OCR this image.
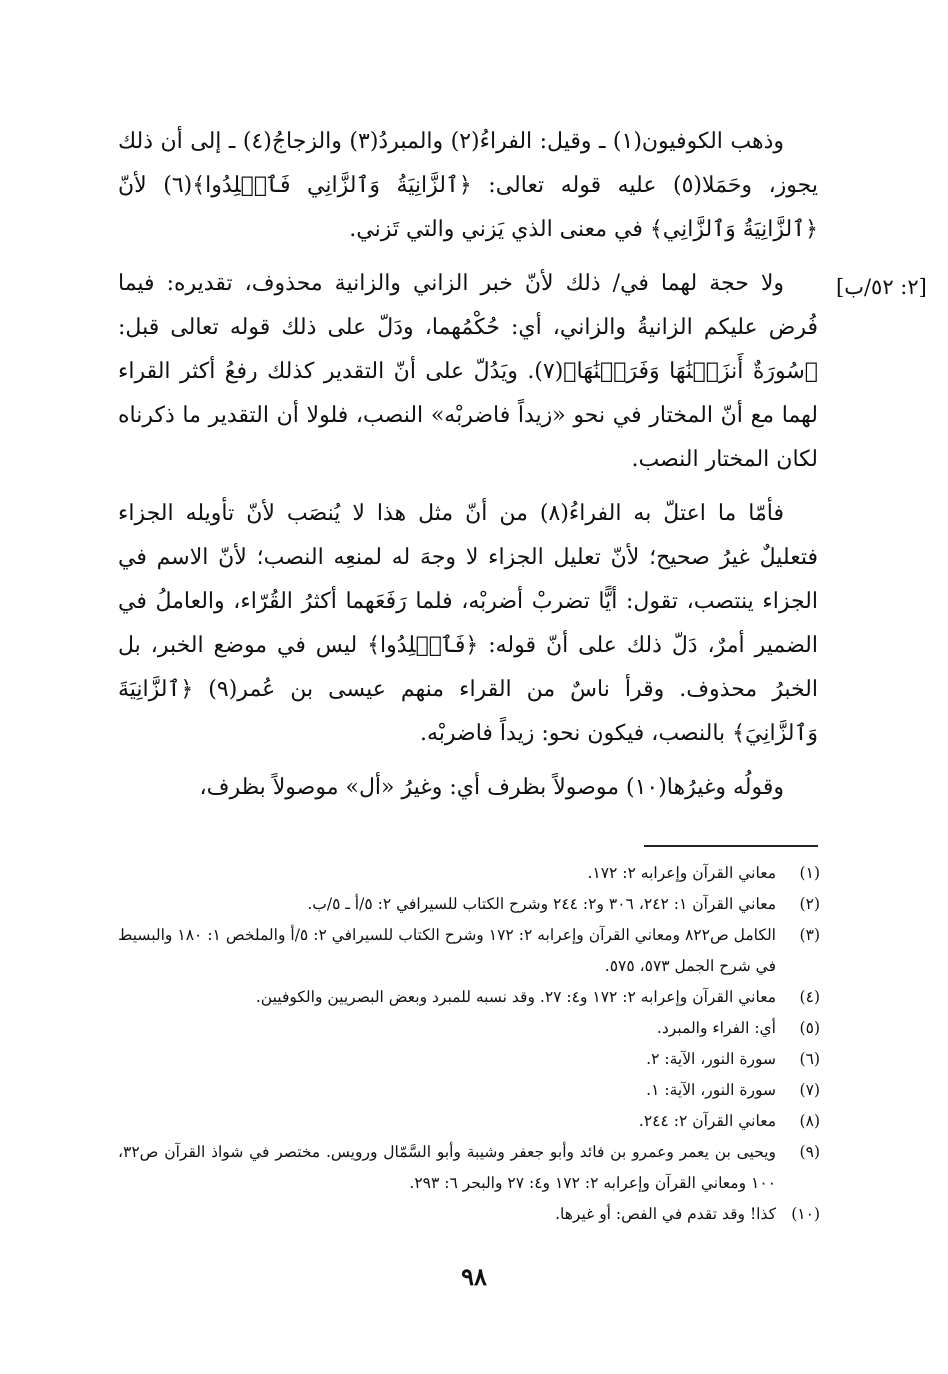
[٢: ٥٢/ب]

وذهب الكوفيون(١) ـ وقيل: الفراءُ(٢) والمبردُ(٣) والزجاجُ(٤) ـ إلى أن ذلك يجوز، وحَمَلا(٥) عليه قوله تعالى: ﴿ٱلزَّانِيَةُ وَٱلزَّانِي فَٱجۡلِدُوا﴾(٦) لأنّ ﴿ٱلزَّانِيَةُ وَٱلزَّانِي﴾ في معنى الذي يَزني والتي تَزني.

ولا حجة لهما في/ ذلك لأنّ خبر الزاني والزانية محذوف، تقديره: فيما فُرض عليكم الزانيةُ والزاني، أي: حُكْمُهما، ودَلّ على ذلك قوله تعالى قبل: ﴿سُورَةٌ أَنزَلۡنَٰهَا وَفَرَضۡنَٰهَا﴾(٧). ويَدُلّ على أنّ التقدير كذلك رفعُ أكثر القراء لهما مع أنّ المختار في نحو «زيداً فاضربْه» النصب، فلولا أن التقدير ما ذكرناه لكان المختار النصب.

فأمّا ما اعتلّ به الفراءُ(٨) من أنّ مثل هذا لا يُنصَب لأنّ تأويله الجزاء فتعليلٌ غيرُ صحيح؛ لأنّ تعليل الجزاء لا وجهَ له لمنعِه النصب؛ لأنّ الاسم في الجزاء ينتصب، تقول: أيًّا تضربْ أضربْه، فلما رَفَعَهما أكثرُ القُرّاء، والعاملُ في الضمير أمرٌ، دَلّ ذلك على أنّ قوله: ﴿فَٱجۡلِدُوا﴾ ليس في موضع الخبر، بل الخبرُ محذوف. وقرأ ناسٌ من القراء منهم عيسى بن عُمر(٩) ﴿ٱلزَّانِيَةَ وَٱلزَّانِيَ﴾ بالنصب، فيكون نحو: زيداً فاضربْه.

وقولُه وغيرُها(١٠) موصولاً بظرف أي: وغيرُ «أل» موصولاً بظرف،

(١)
معاني القرآن وإعرابه ٢: ١٧٢.
(٢)
معاني القرآن ١: ٢٤٢، ٣٠٦ و٢: ٢٤٤ وشرح الكتاب للسيرافي ٢: ٥/أ ـ ٥/ب.
(٣)
الكامل ص٨٢٢ ومعاني القرآن وإعرابه ٢: ١٧٢ وشرح الكتاب للسيرافي ٢: ٥/أ والملخص ١: ١٨٠ والبسيط في شرح الجمل ٥٧٣، ٥٧٥.
(٤)
معاني القرآن وإعرابه ٢: ١٧٢ و٤: ٢٧. وقد نسبه للمبرد وبعض البصريين والكوفيين.
(٥)
أي: الفراء والمبرد.
(٦)
سورة النور، الآية: ٢.
(٧)
سورة النور، الآية: ١.
(٨)
معاني القرآن ٢: ٢٤٤.
(٩)
ويحيى بن يعمر وعمرو بن فائد وأبو جعفر وشيبة وأبو السَّمّال ورويس. مختصر في شواذ القرآن ص٣٢، ١٠٠ ومعاني القرآن وإعرابه ٢: ١٧٢ و٤: ٢٧ والبحر ٦: ٢٩٣.
(١٠)
كذا! وقد تقدم في الفص: أو غيرها.
٩٨
